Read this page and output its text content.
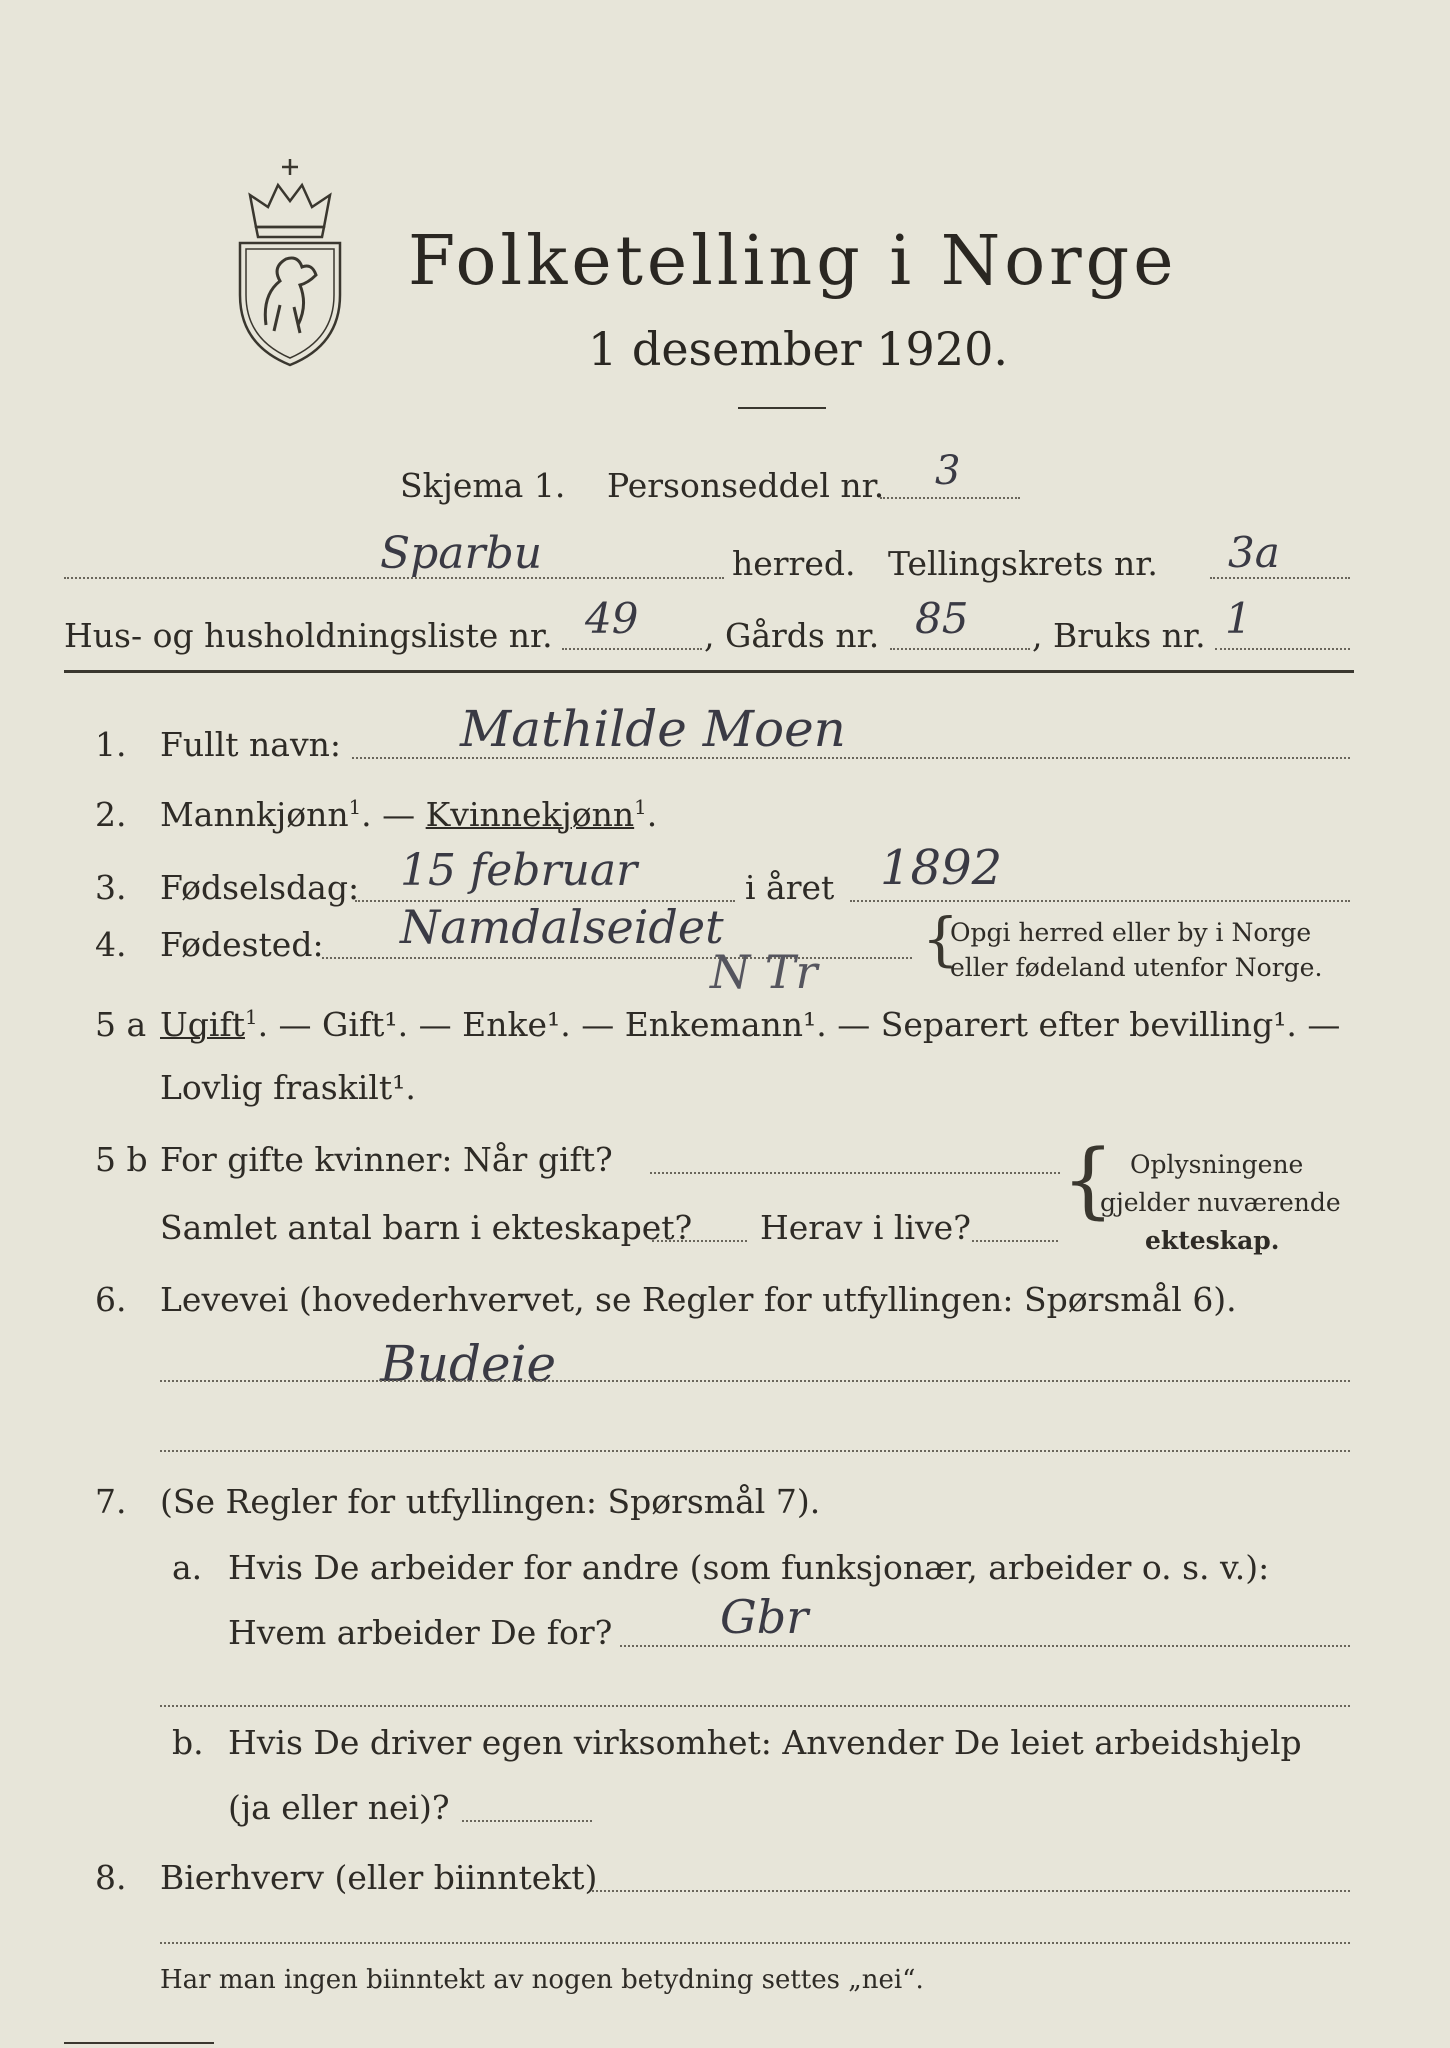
Folketelling i Norge
1 desember 1920.
Skjema 1. Personseddel nr. 3
Sparbu	herred. Tellingskrets nr. 3a
Hus- og husholdningsliste nr. 49 , Gårds nr. 85 , Bruks nr. 1
1. Fullt navn: Mathilde Moen
2. Mannkjønn$^1$. — Kvinnekjønn$^1$.
3. Fødselsdag: 15 februar	i året 1892
4. Fødested: Namdalseidet
N Tr {
Opgi herred eller by i Norge
eller fødeland utenfor Norge.
5 a Ugift$^1$. — Gift¹. — Enke¹. — Enkemann¹. — Separert efter bevilling¹. —
Lovlig fraskilt¹.
5 b For gifte kvinner: Når gift?
Samlet antal barn i ekteskapet? Herav i live? { Oplysningene
gjelder nuværende
ekteskap.
6. Levevei (hovederhvervet, se Regler for utfyllingen: Spørsmål 6).
Budeie
7. (Se Regler for utfyllingen: Spørsmål 7).
a. Hvis De arbeider for andre (som funksjonær, arbeider o. s. v.):
Hvem arbeider De for? Gbr
b. Hvis De driver egen virksomhet: Anvender De leiet arbeidshjelp
(ja eller nei)?
8. Bierhverv (eller biinntekt)
Har man ingen biinntekt av nogen betydning settes „nei“.
